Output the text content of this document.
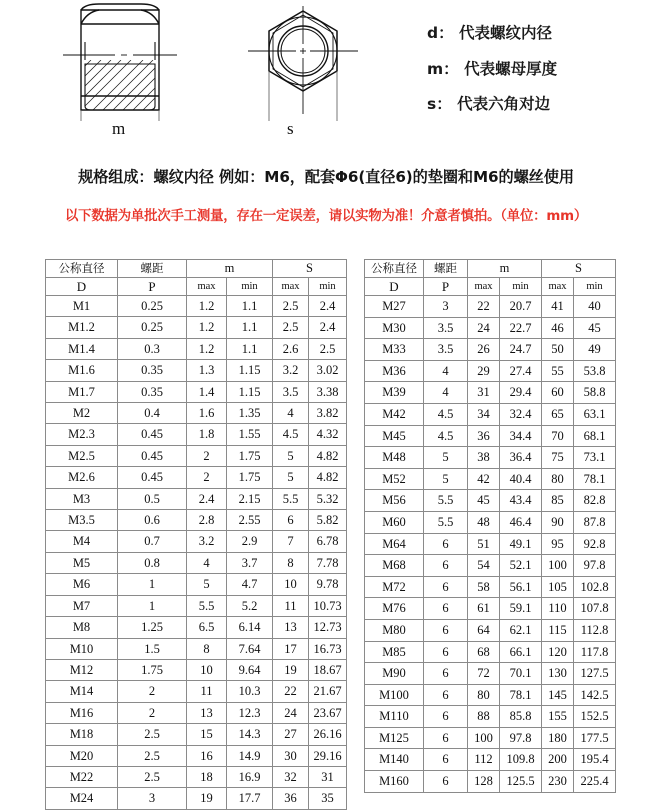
m	s
d： 代表螺纹内径
m： 代表螺母厚度
s： 代表六角对边
规格组成：螺纹内径 例如：M6，配套Φ6(直径6)的垫圈和M6的螺丝使用
以下数据为单批次手工测量，存在一定误差，请以实物为准！介意者慎拍。（单位：mm）
公称直径	螺距	m		S	
D	P	max	min	max	min
M1	0.25	1.2	1.1	2.5	2.4
M1.2	0.25	1.2	1.1	2.5	2.4
M1.4	0.3	1.2	1.1	2.6	2.5
M1.6	0.35	1.3	1.15	3.2	3.02
M1.7	0.35	1.4	1.15	3.5	3.38
M2	0.4	1.6	1.35	4	3.82
M2.3	0.45	1.8	1.55	4.5	4.32
M2.5	0.45	2	1.75	5	4.82
M2.6	0.45	2	1.75	5	4.82
M3	0.5	2.4	2.15	5.5	5.32
M3.5	0.6	2.8	2.55	6	5.82
M4	0.7	3.2	2.9	7	6.78
M5	0.8	4	3.7	8	7.78
M6	1	5	4.7	10	9.78
M7	1	5.5	5.2	11	10.73
M8	1.25	6.5	6.14	13	12.73
M10	1.5	8	7.64	17	16.73
M12	1.75	10	9.64	19	18.67
M14	2	11	10.3	22	21.67
M16	2	13	12.3	24	23.67
M18	2.5	15	14.3	27	26.16
M20	2.5	16	14.9	30	29.16
M22	2.5	18	16.9	32	31
M24	3	19	17.7	36	35
公称直径	螺距	m		S	
D	P	max	min	max	min
M27	3	22	20.7	41	40
M30	3.5	24	22.7	46	45
M33	3.5	26	24.7	50	49
M36	4	29	27.4	55	53.8
M39	4	31	29.4	60	58.8
M42	4.5	34	32.4	65	63.1
M45	4.5	36	34.4	70	68.1
M48	5	38	36.4	75	73.1
M52	5	42	40.4	80	78.1
M56	5.5	45	43.4	85	82.8
M60	5.5	48	46.4	90	87.8
M64	6	51	49.1	95	92.8
M68	6	54	52.1	100	97.8
M72	6	58	56.1	105	102.8
M76	6	61	59.1	110	107.8
M80	6	64	62.1	115	112.8
M85	6	68	66.1	120	117.8
M90	6	72	70.1	130	127.5
M100	6	80	78.1	145	142.5
M110	6	88	85.8	155	152.5
M125	6	100	97.8	180	177.5
M140	6	112	109.8	200	195.4
M160	6	128	125.5	230	225.4
